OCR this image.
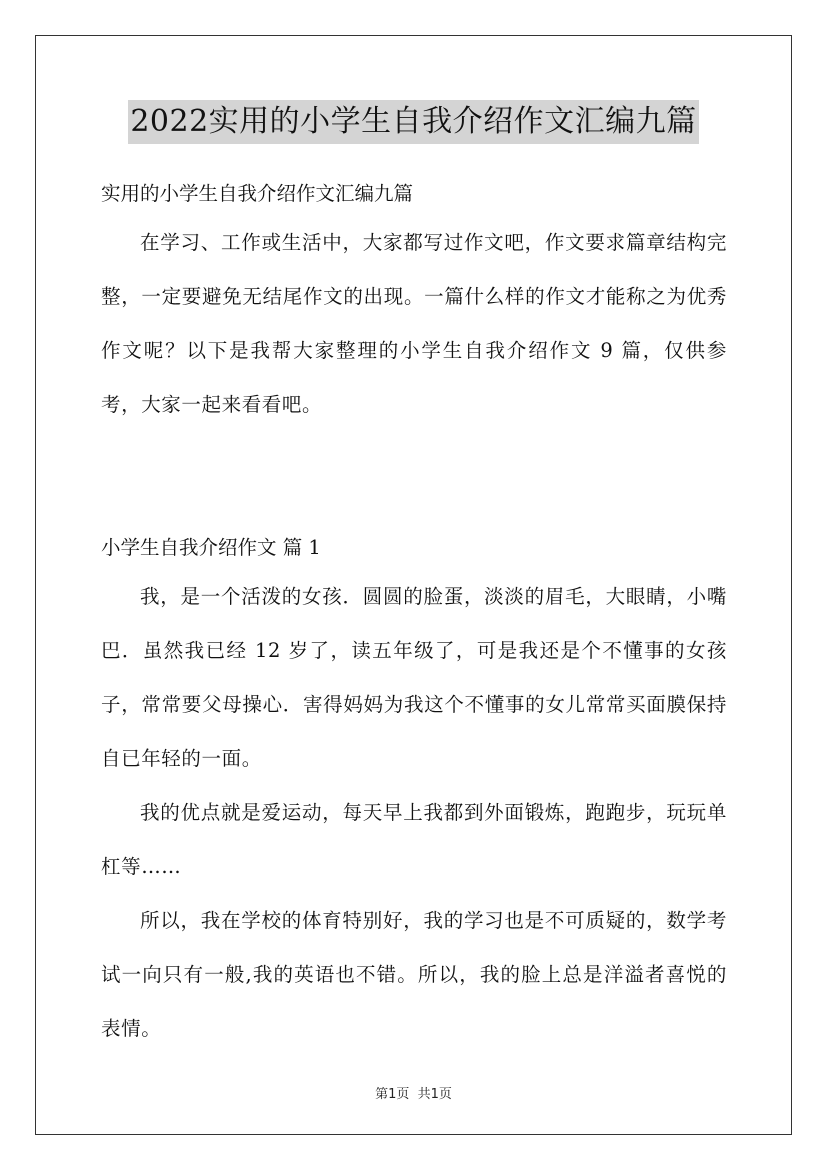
2022实用的小学生自我介绍作文汇编九篇

实用的小学生自我介绍作文汇编九篇

在学习、工作或生活中，大家都写过作文吧，作文要求篇章结构完整，一定要避免无结尾作文的出现。一篇什么样的作文才能称之为优秀作文呢？以下是我帮大家整理的小学生自我介绍作文 9 篇，仅供参考，大家一起来看看吧。

小学生自我介绍作文 篇 1

我，是一个活泼的女孩．圆圆的脸蛋，淡淡的眉毛，大眼睛，小嘴巴．虽然我已经 12 岁了，读五年级了，可是我还是个不懂事的女孩子，常常要父母操心．害得妈妈为我这个不懂事的女儿常常买面膜保持自已年轻的一面。

我的优点就是爱运动，每天早上我都到外面锻炼，跑跑步，玩玩单杠等……

所以，我在学校的体育特别好，我的学习也是不可质疑的，数学考试一向只有一般,我的英语也不错。所以，我的脸上总是洋溢者喜悦的表情。

第1页 共1页
